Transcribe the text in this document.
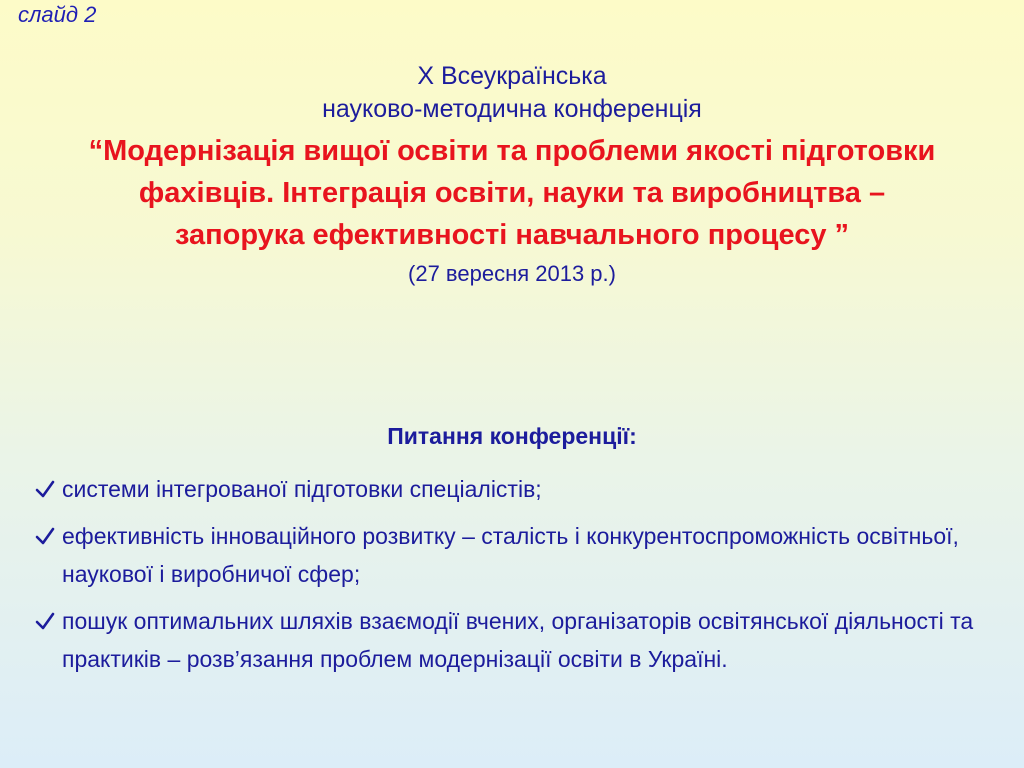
слайд 2
Х Всеукраїнська
науково-методична конференція
“Модернізація вищої освіти та проблеми якості підготовки фахівців. Інтеграція освіти, науки та виробництва – запорука ефективності навчального процесу ”
(27 вересня 2013 р.)
Питання конференції:
системи інтегрованої підготовки спеціалістів;
ефективність інноваційного розвитку – сталість і конкурентоспроможність освітньої, наукової і виробничої сфер;
пошук оптимальних шляхів взаємодії вчених, організаторів освітянської діяльності та практиків – розв’язання проблем модернізації освіти в Україні.
